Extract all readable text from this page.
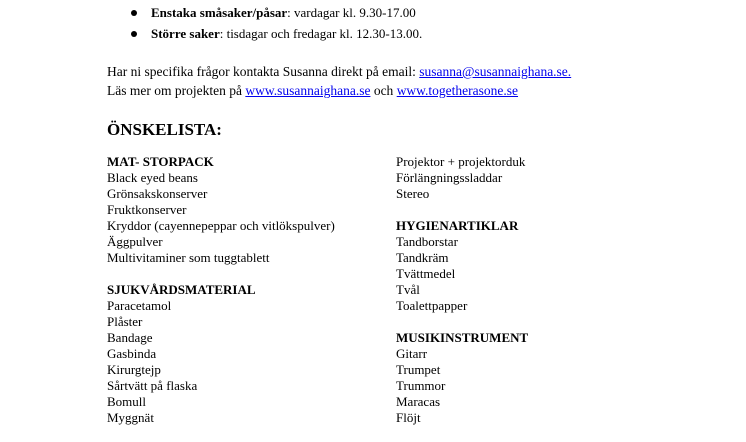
Enstaka småsaker/påsar: vardagar kl. 9.30-17.00
Större saker: tisdagar och fredagar kl. 12.30-13.00.
Har ni specifika frågor kontakta Susanna direkt på email: susanna@susannaighana.se.
Läs mer om projekten på www.susannaighana.se och www.togetherasone.se
ÖNSKELISTA:
MAT- STORPACK
Black eyed beans
Grönsakskonserver
Fruktkonserver
Kryddor (cayennepeppar och vitlökspulver)
Äggpulver
Multivitaminer som tuggtablett
SJUKVÅRDSMATERIAL
Paracetamol
Plåster
Bandage
Gasbinda
Kirurgtejp
Sårtvätt på flaska
Bomull
Myggnät
Projektor + projektorduk
Förlängningssladdar
Stereo
HYGIENARTIKLAR
Tandborstar
Tandkräm
Tvättmedel
Tvål
Toalettpapper
MUSIKINSTRUMENT
Gitarr
Trumpet
Trummor
Maracas
Flöjt
